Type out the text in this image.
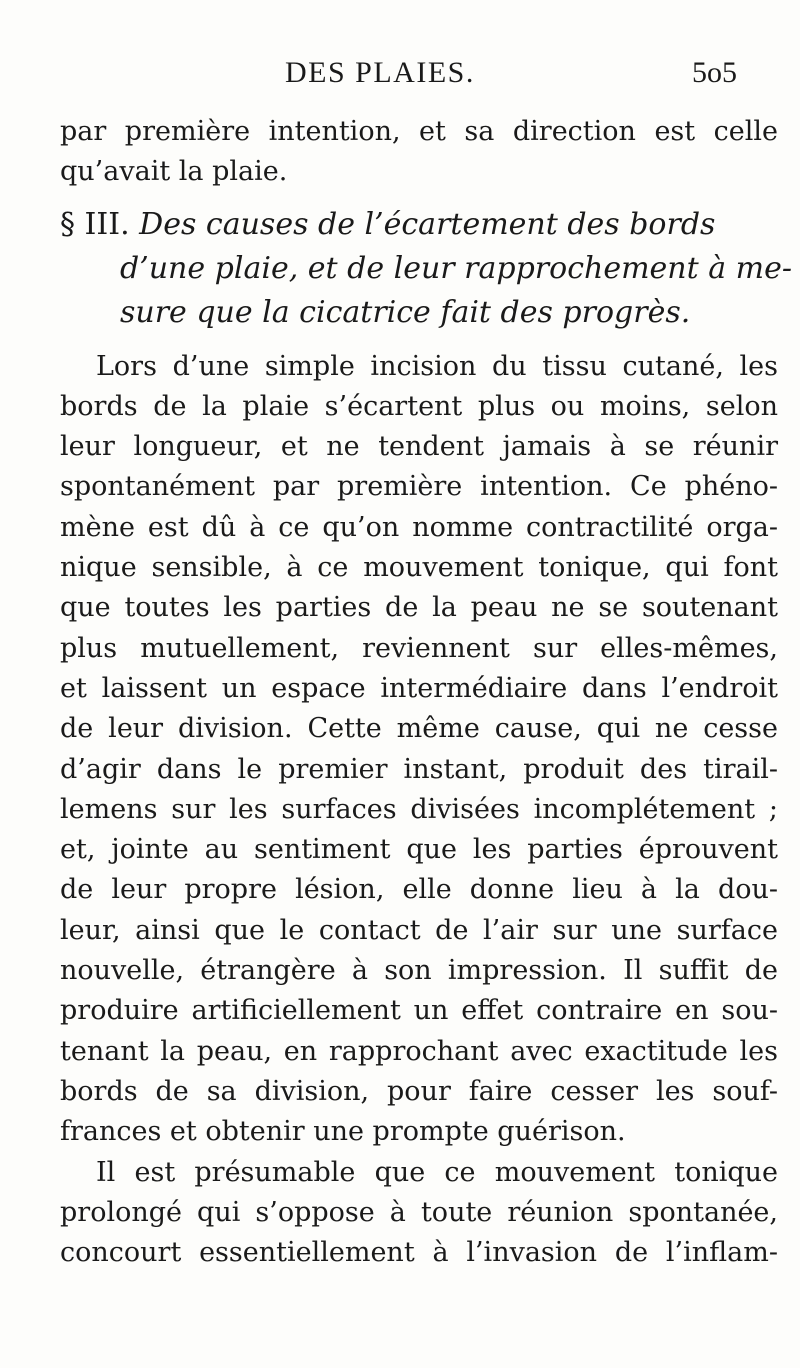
DES PLAIES.	5o5
par première intention, et sa direction est celle
qu’avait la plaie.
§ III. Des causes de l’écartement des bords
d’une plaie, et de leur rapprochement à me-
sure que la cicatrice fait des progrès.
Lors d’une simple incision du tissu cutané, les
bords de la plaie s’écartent plus ou moins, selon
leur longueur, et ne tendent jamais à se réunir
spontanément par première intention. Ce phéno-
mène est dû à ce qu’on nomme contractilité orga-
nique sensible, à ce mouvement tonique, qui font
que toutes les parties de la peau ne se soutenant
plus mutuellement, reviennent sur elles-mêmes,
et laissent un espace intermédiaire dans l’endroit
de leur division. Cette même cause, qui ne cesse
d’agir dans le premier instant, produit des tirail-
lemens sur les surfaces divisées incomplétement ;
et, jointe au sentiment que les parties éprouvent
de leur propre lésion, elle donne lieu à la dou-
leur, ainsi que le contact de l’air sur une surface
nouvelle, étrangère à son impression. Il suffit de
produire artificiellement un effet contraire en sou-
tenant la peau, en rapprochant avec exactitude les
bords de sa division, pour faire cesser les souf-
frances et obtenir une prompte guérison.
Il est présumable que ce mouvement tonique
prolongé qui s’oppose à toute réunion spontanée,
concourt essentiellement à l’invasion de l’inflam-
